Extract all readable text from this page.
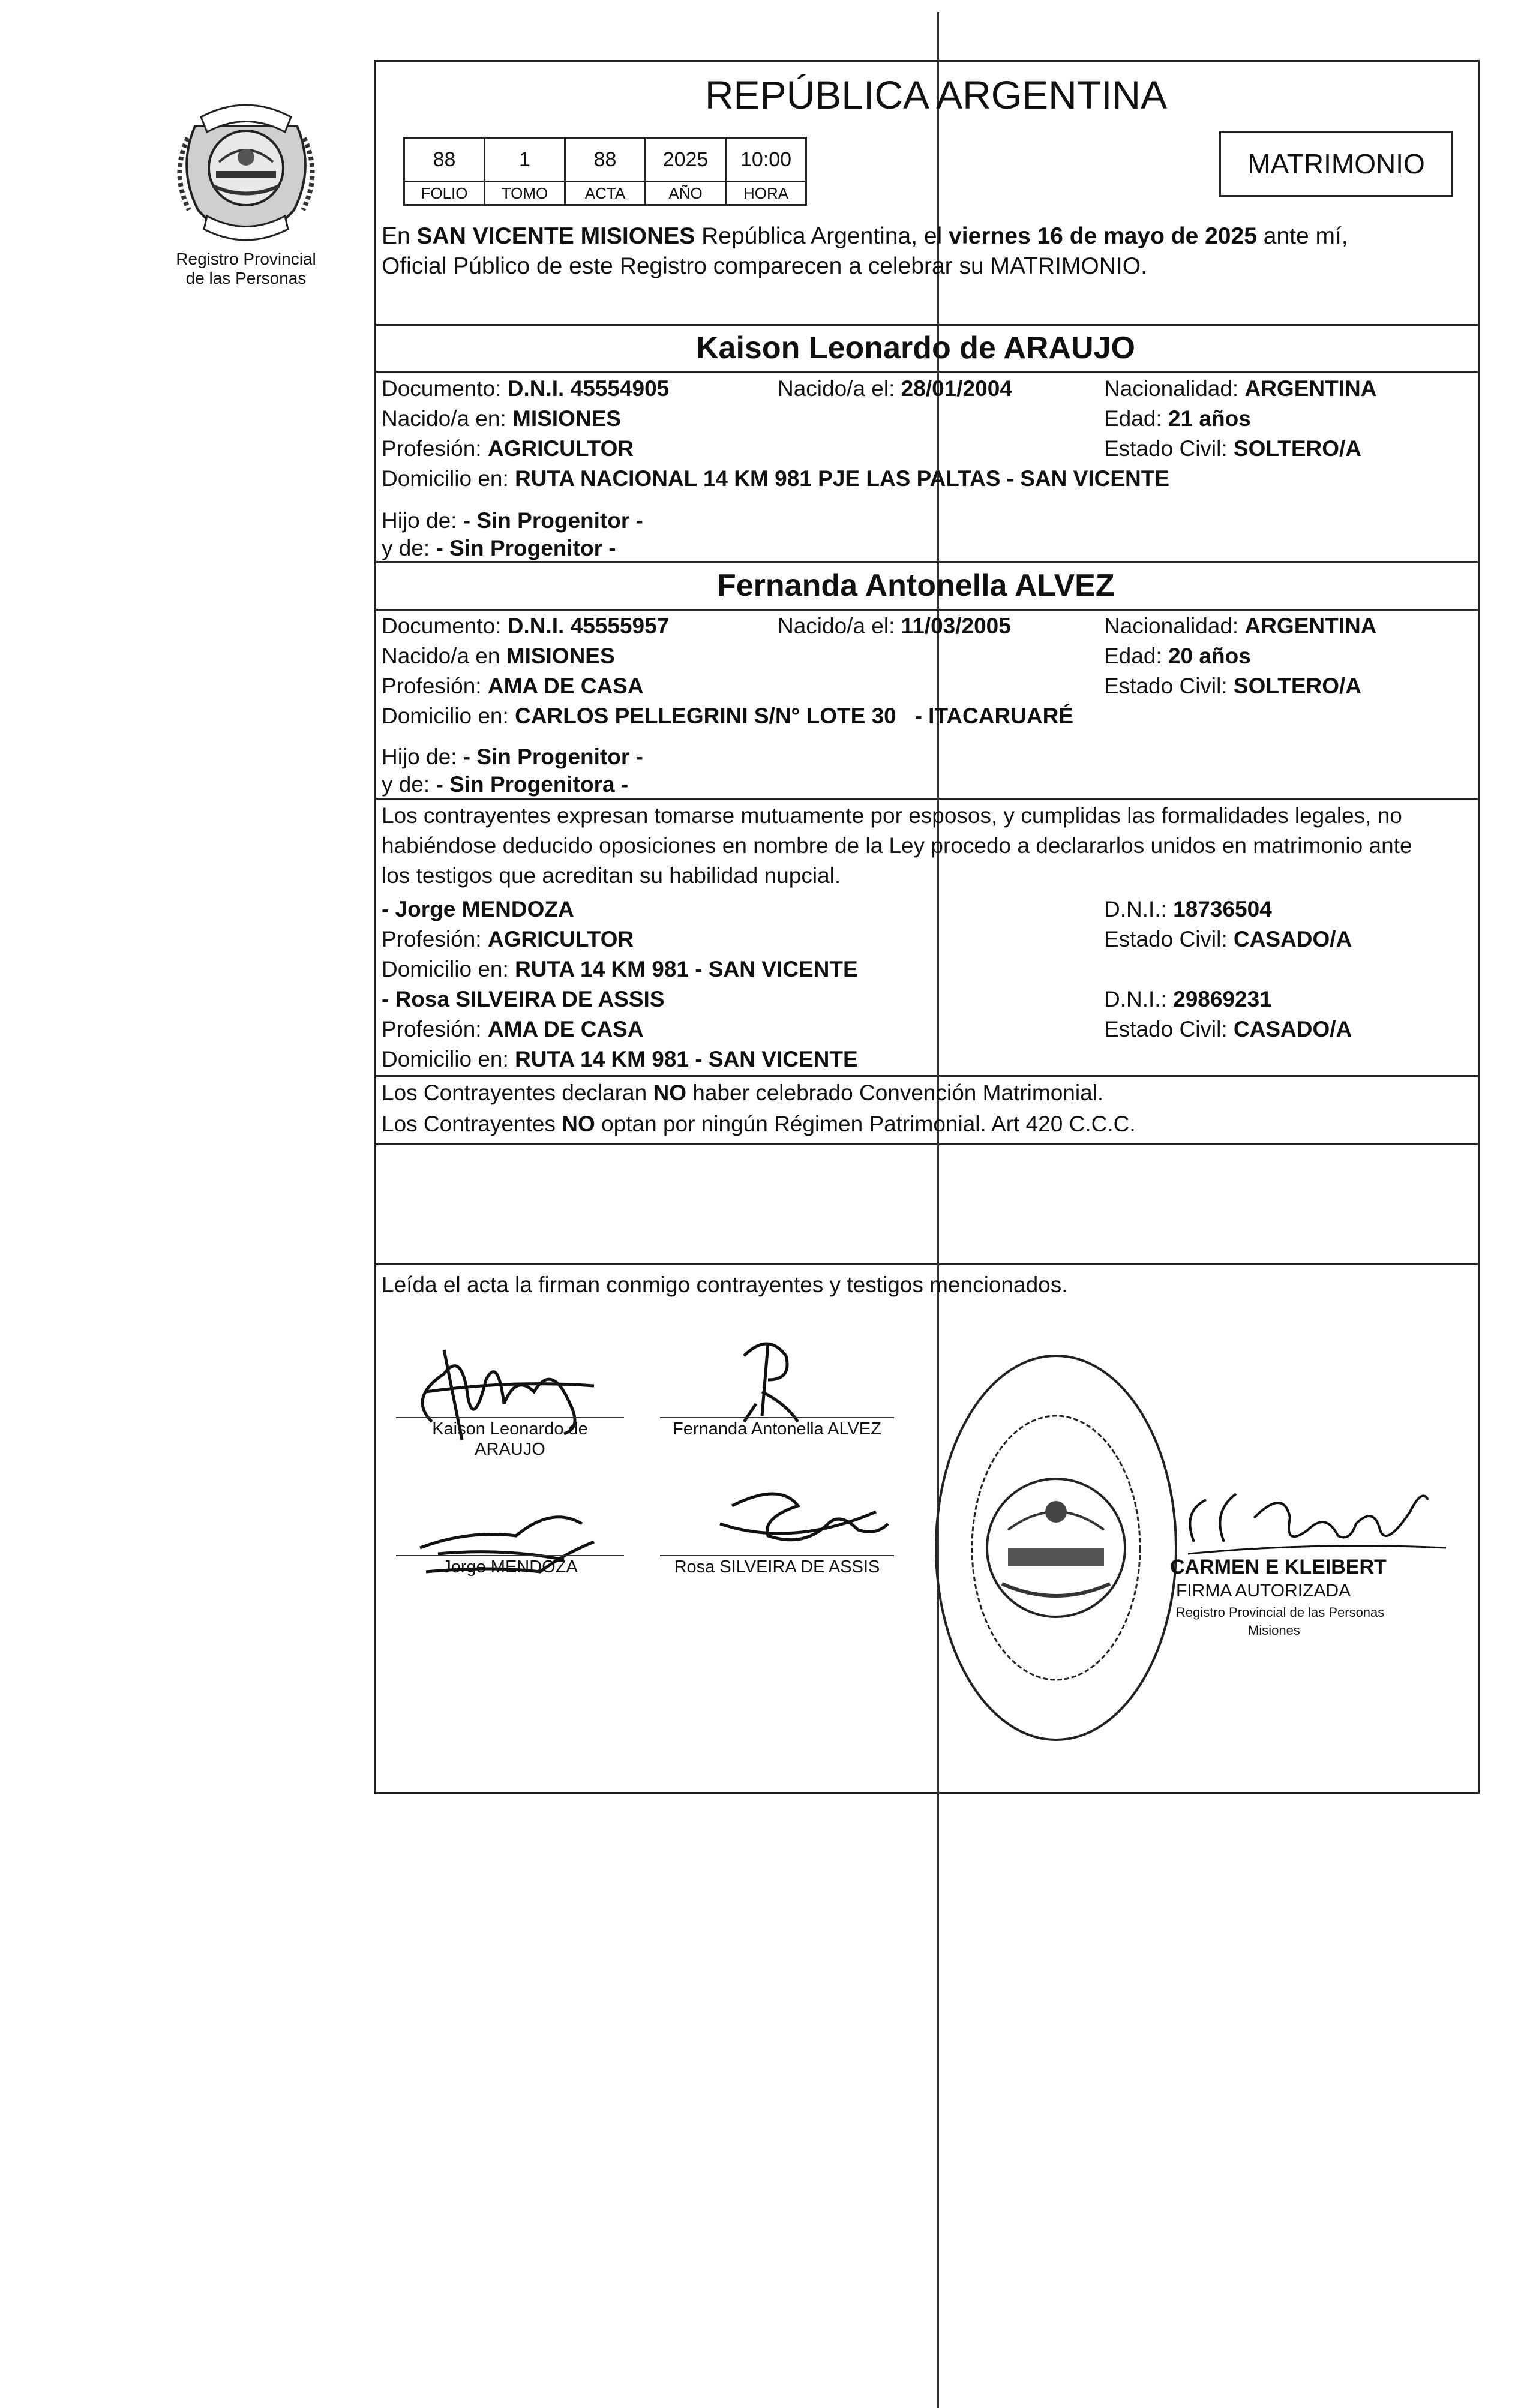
Registro Provincial
de las Personas
REPÚBLICA ARGENTINA
88	1	88	2025	10:00
FOLIO	TOMO	ACTA	AÑO	HORA
MATRIMONIO
En SAN VICENTE MISIONES República Argentina, el viernes 16 de mayo de 2025 ante mí,
Oficial Público de este Registro comparecen a celebrar su MATRIMONIO.
Kaison Leonardo de ARAUJO
Documento: D.N.I. 45554905	Nacido/a el: 28/01/2004	Nacionalidad: ARGENTINA
Nacido/a en: MISIONES	Edad: 21 años
Profesión: AGRICULTOR	Estado Civil: SOLTERO/A
Domicilio en: RUTA NACIONAL 14 KM 981 PJE LAS PALTAS - SAN VICENTE
Hijo de: - Sin Progenitor -
y de: - Sin Progenitor -
Fernanda Antonella ALVEZ
Documento: D.N.I. 45555957	Nacido/a el: 11/03/2005	Nacionalidad: ARGENTINA
Nacido/a en MISIONES	Edad: 20 años
Profesión: AMA DE CASA	Estado Civil: SOLTERO/A
Domicilio en: CARLOS PELLEGRINI S/N° LOTE 30   - ITACARUARÉ
Hijo de: - Sin Progenitor -
y de: - Sin Progenitora -
Los contrayentes expresan tomarse mutuamente por esposos, y cumplidas las formalidades legales, no
habiéndose deducido oposiciones en nombre de la Ley procedo a declararlos unidos en matrimonio ante
los testigos que acreditan su habilidad nupcial.
- Jorge MENDOZA	D.N.I.: 18736504
Profesión: AGRICULTOR	Estado Civil: CASADO/A
Domicilio en: RUTA 14 KM 981 - SAN VICENTE
- Rosa SILVEIRA DE ASSIS	D.N.I.: 29869231
Profesión: AMA DE CASA	Estado Civil: CASADO/A
Domicilio en: RUTA 14 KM 981 - SAN VICENTE
Los Contrayentes declaran NO haber celebrado Convención Matrimonial.
Los Contrayentes NO optan por ningún Régimen Patrimonial. Art 420 C.C.C.
Leída el acta la firman conmigo contrayentes y testigos mencionados.
Kaison Leonardo de
ARAUJO
Fernanda Antonella ALVEZ
Jorge MENDOZA	Rosa SILVEIRA DE ASSIS	CARMEN E KLEIBERT
FIRMA AUTORIZADA
Registro Provincial de las Personas
Misiones
